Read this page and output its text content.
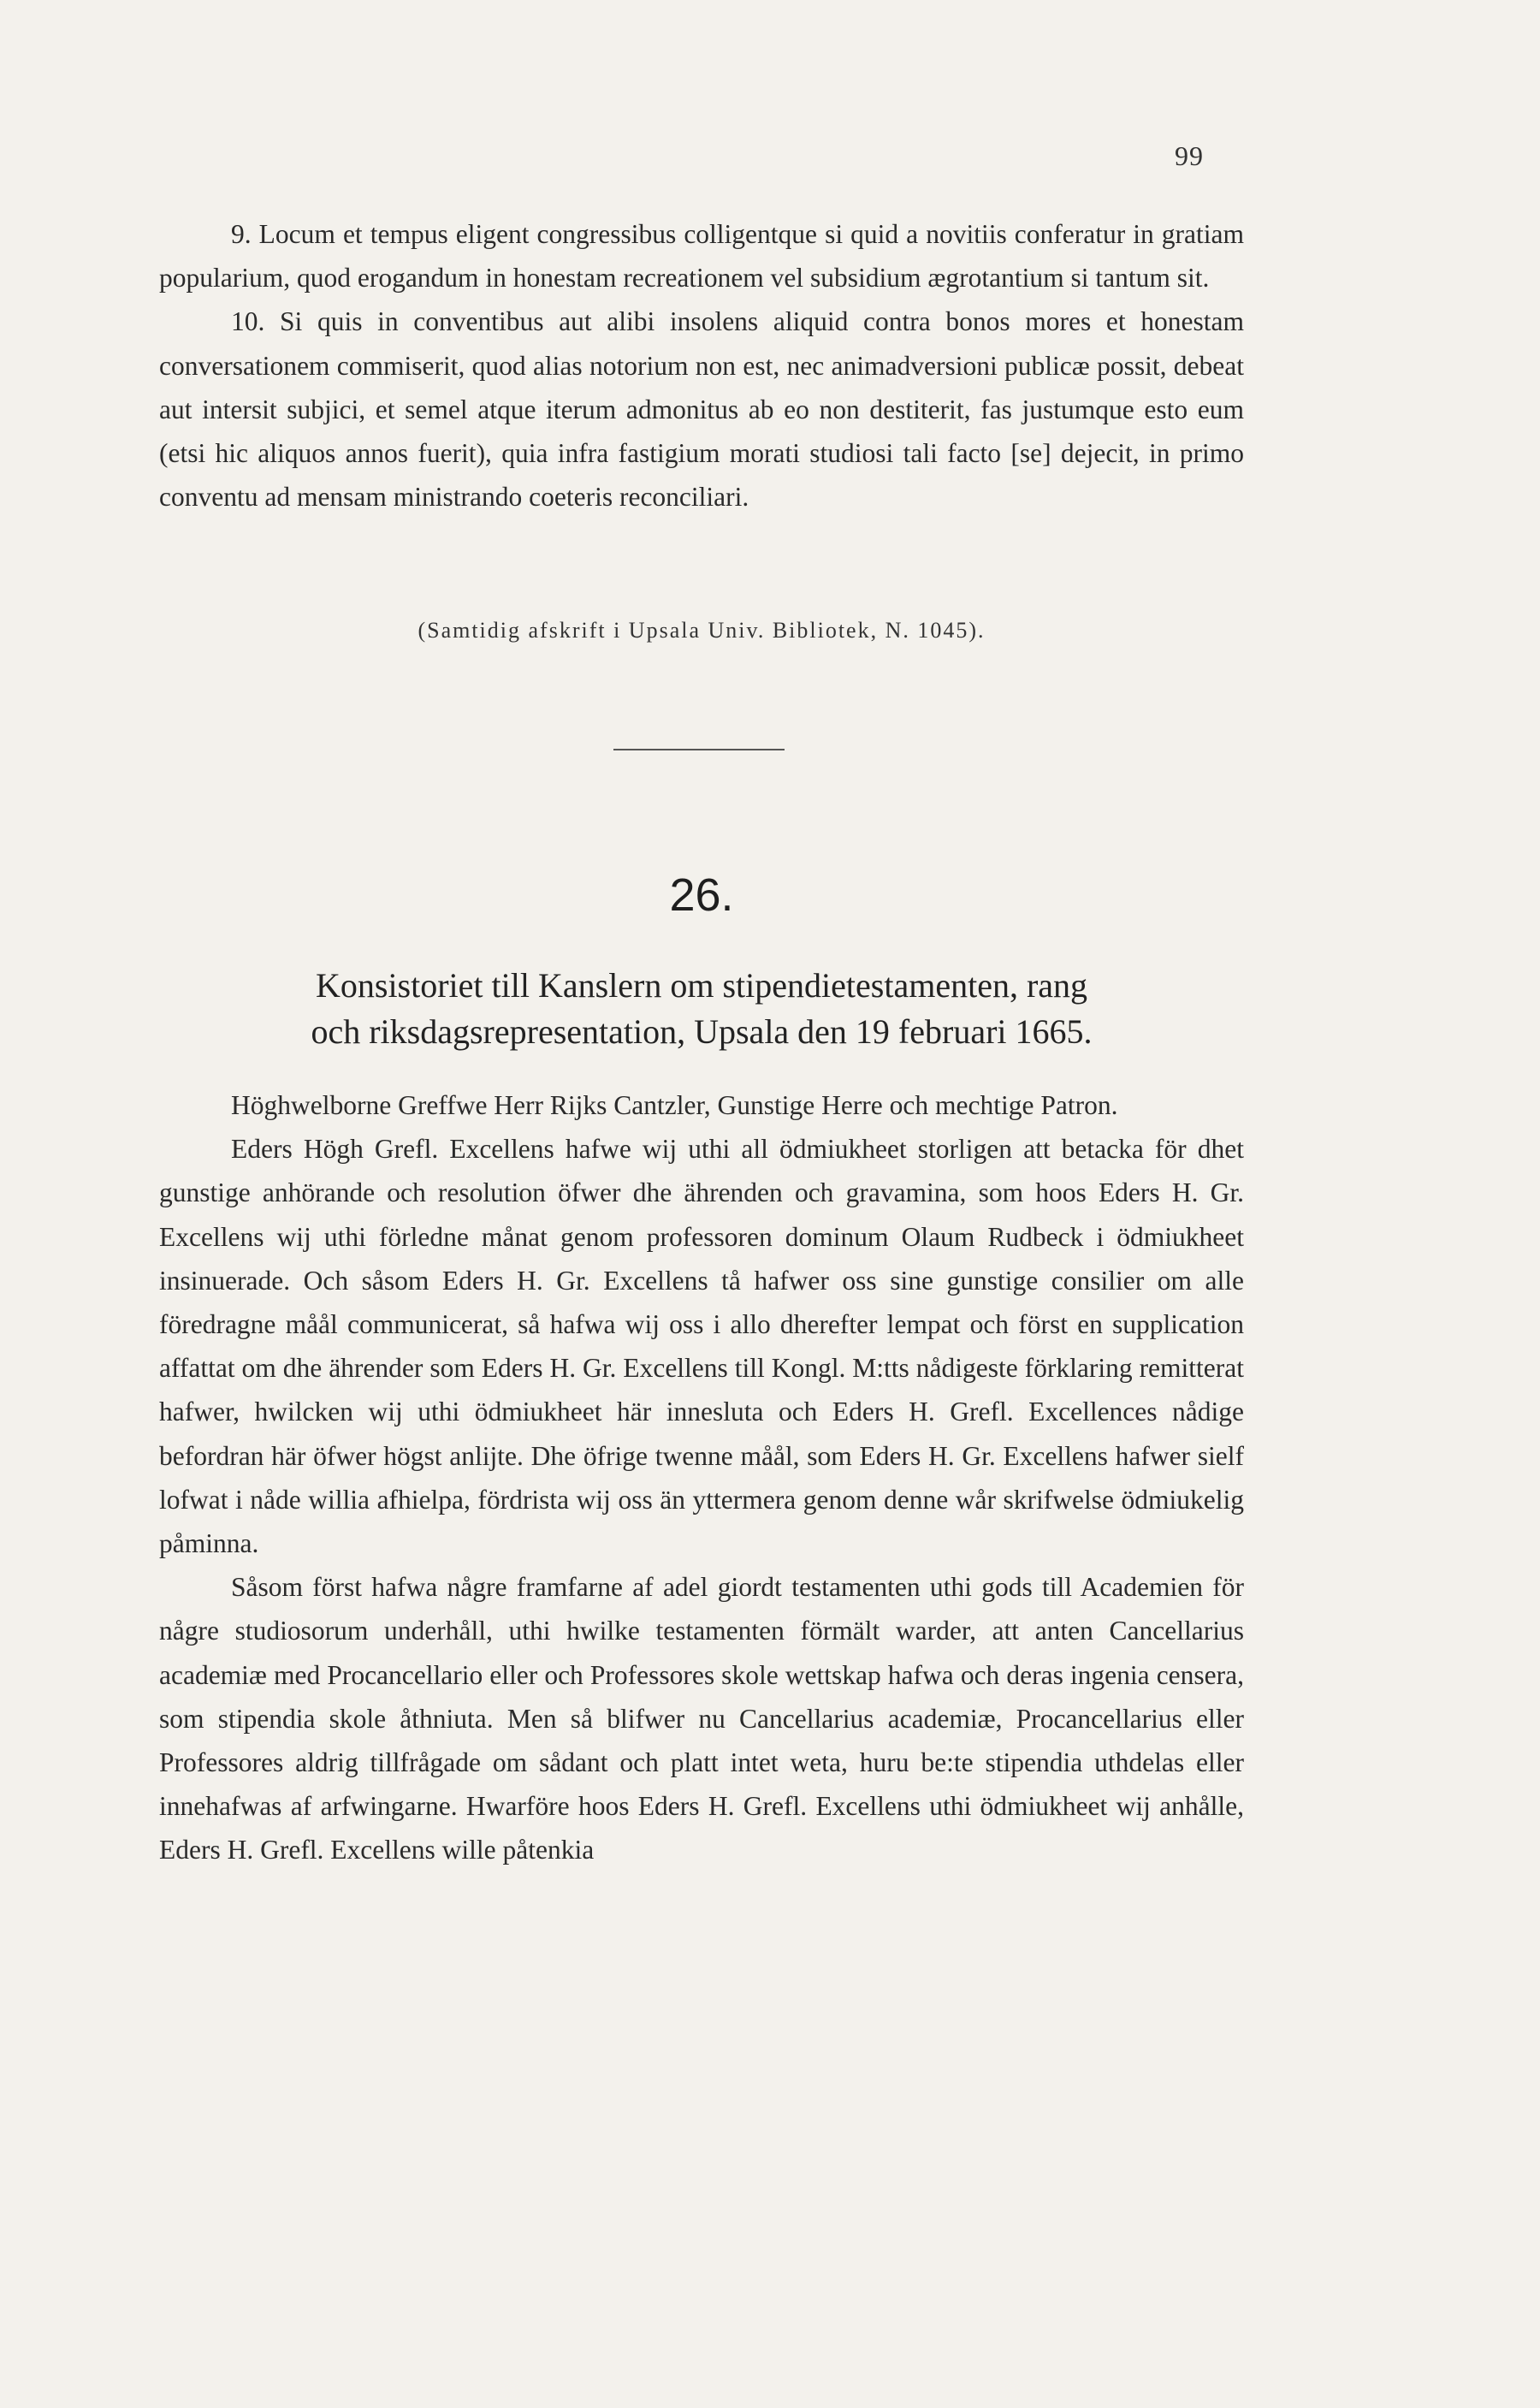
99

9. Locum et tempus eligent congressibus colligentque si quid a novitiis conferatur in gratiam popularium, quod erogandum in honestam recreationem vel subsidium ægrotantium si tantum sit.

10. Si quis in conventibus aut alibi insolens aliquid contra bonos mores et honestam conversationem commiserit, quod alias notorium non est, nec animadversioni publicæ possit, debeat aut intersit subjici, et semel atque iterum admonitus ab eo non destiterit, fas justumque esto eum (etsi hic aliquos annos fuerit), quia infra fastigium morati studiosi tali facto [se] dejecit, in primo conventu ad mensam ministrando coeteris reconciliari.

(Samtidig afskrift i Upsala Univ. Bibliotek, N. 1045).
26.
Konsistoriet till Kanslern om stipendietestamenten, rang
och riksdagsrepresentation, Upsala den 19 februari 1665.

Höghwelborne Greffwe Herr Rijks Cantzler, Gunstige Herre och mechtige Patron.

Eders Högh Grefl. Excellens hafwe wij uthi all ödmiukheet storligen att betacka för dhet gunstige anhörande och resolution öfwer dhe ährenden och gravamina, som hoos Eders H. Gr. Excellens wij uthi förledne månat genom professoren dominum Olaum Rudbeck i ödmiukheet insinuerade. Och såsom Eders H. Gr. Excellens tå hafwer oss sine gunstige consilier om alle föredragne måål communicerat, så hafwa wij oss i allo dherefter lempat och först en supplication affattat om dhe ährender som Eders H. Gr. Excellens till Kongl. M:tts nådigeste förklaring remitterat hafwer, hwilcken wij uthi ödmiukheet här inneslutа och Eders H. Grefl. Excellences nådige befordran här öfwer högst anlijte. Dhe öfrige twenne måål, som Eders H. Gr. Excellens hafwer sielf lofwat i nåde willia afhielpa, fördrista wij oss än yttermera genom denne wår skrifwelse ödmiukelig påminna.

Såsom först hafwa någre framfarne af adel giordt testamenten uthi gods till Academien för någre studiosorum underhåll, uthi hwilke testamenten förmält warder, att anten Cancellarius academiæ med Procancellario eller och Professores skole wettskap hafwa och deras ingenia censera, som stipendia skole åthniuta. Men så blifwer nu Cancellarius academiæ, Procancellarius eller Professores aldrig tillfrågade om sådant och platt intet weta, huru be:te stipendia uthdelas eller innehafwas af arfwingarne. Hwarföre hoos Eders H. Grefl. Excellens uthi ödmiukheet wij anhålle, Eders H. Grefl. Excellens wille påtenkia
